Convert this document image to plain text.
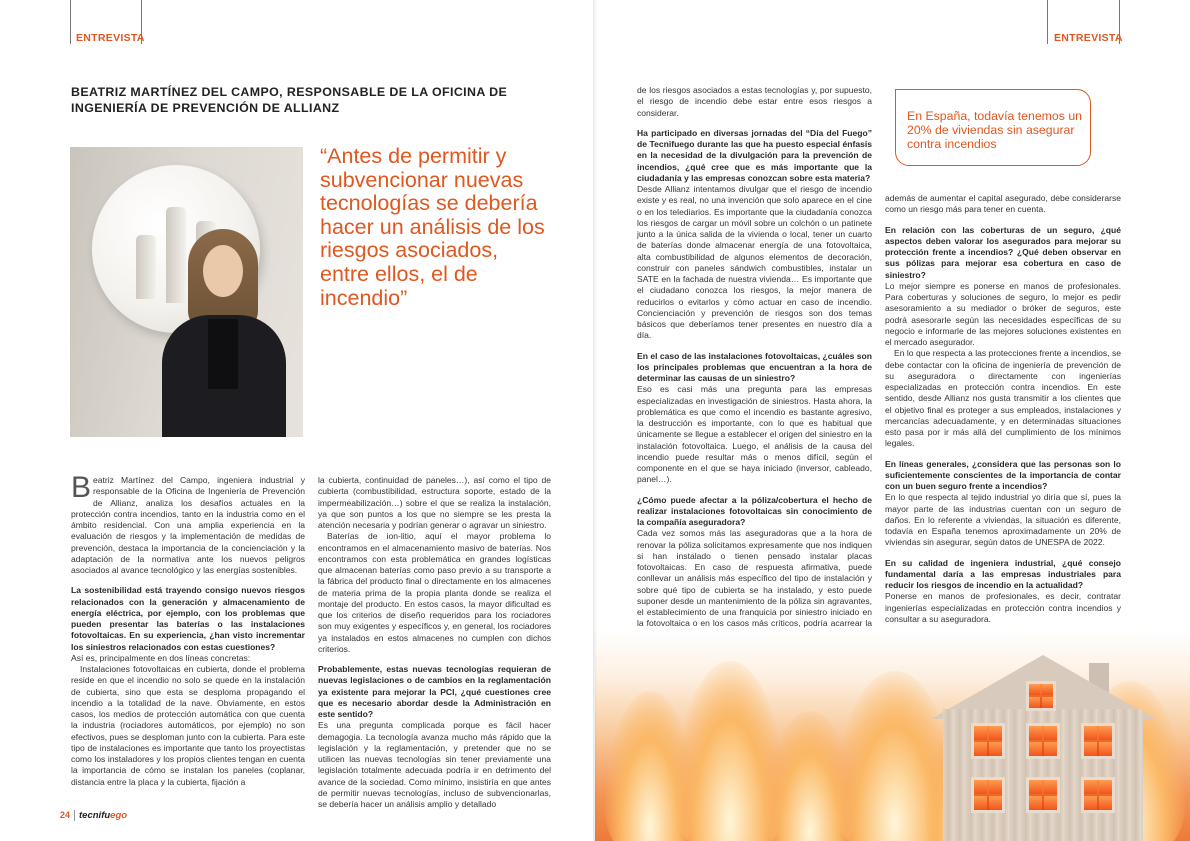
ENTREVISTA
BEATRIZ MARTÍNEZ DEL CAMPO, RESPONSABLE DE LA OFICINA DE INGENIERÍA DE PREVENCIÓN DE ALLIANZ
“Antes de permitir y subvencionar nuevas tecnologías se debería hacer un análisis de los riesgos asociados, entre ellos, el de incendio”

Beatriz Martínez del Campo, ingeniera industrial y responsable de la Oficina de Ingeniería de Prevención de Allianz, analiza los desafíos actuales en la protección contra incendios, tanto en la industria como en el ámbito residencial. Con una amplia experiencia en la evaluación de riesgos y la implementación de medidas de prevención, destaca la importancia de la concienciación y la adaptación de la normativa ante los nuevos peligros asociados al avance tecnológico y las energías sostenibles.

La sostenibilidad está trayendo consigo nuevos riesgos relacionados con la generación y almacenamiento de energía eléctrica, por ejemplo, con los problemas que pueden presentar las baterías o las instalaciones fotovoltaicas. En su experiencia, ¿han visto incrementar los siniestros relacionados con estas cuestiones?

Así es, principalmente en dos líneas concretas:

Instalaciones fotovoltaicas en cubierta, donde el problema reside en que el incendio no solo se quede en la instalación de cubierta, sino que esta se desploma propagando el incendio a la totalidad de la nave. Obviamente, en estos casos, los medios de protección automática con que cuenta la industria (rociadores automáticos, por ejemplo) no son efectivos, pues se desploman junto con la cubierta. Para este tipo de instalaciones es importante que tanto los proyectistas como los instaladores y los propios clientes tengan en cuenta la importancia de cómo se instalan los paneles (coplanar, distancia entre la placa y la cubierta, fijación a

la cubierta, continuidad de paneles…), así como el tipo de cubierta (combustibilidad, estructura soporte, estado de la impermeabilización…) sobre el que se realiza la instalación, ya que son puntos a los que no siempre se les presta la atención necesaria y podrían generar o agravar un siniestro.

Baterías de ion-litio, aquí el mayor problema lo encontramos en el almacenamiento masivo de baterías. Nos encontramos con esta problemática en grandes logísticas que almacenan baterías como paso previo a su transporte a la fábrica del producto final o directamente en los almacenes de materia prima de la propia planta donde se realiza el montaje del producto. En estos casos, la mayor dificultad es que los criterios de diseño requeridos para los rociadores son muy exigentes y específicos y, en general, los rociadores ya instalados en estos almacenes no cumplen con dichos criterios.

Probablemente, estas nuevas tecnologías requieran de nuevas legislaciones o de cambios en la reglamentación ya existente para mejorar la PCI, ¿qué cuestiones cree que es necesario abordar desde la Administración en este sentido?

Es una pregunta complicada porque es fácil hacer demagogia. La tecnología avanza mucho más rápido que la legislación y la reglamentación, y pretender que no se utilicen las nuevas tecnologías sin tener previamente una legislación totalmente adecuada podría ir en detrimento del avance de la sociedad. Como mínimo, insistiría en que antes de permitir nuevas tecnologías, incluso de subvencionarlas, se debería hacer un análisis amplio y detallado

24 tecnifuego
ENTREVISTA

de los riesgos asociados a estas tecnologías y, por supuesto, el riesgo de incendio debe estar entre esos riesgos a considerar.

Ha participado en diversas jornadas del “Día del Fuego” de Tecnifuego durante las que ha puesto especial énfasis en la necesidad de la divulgación para la prevención de incendios, ¿qué cree que es más importante que la ciudadanía y las empresas conozcan sobre esta materia?

Desde Allianz intentamos divulgar que el riesgo de incendio existe y es real, no una invención que solo aparece en el cine o en los telediarios. Es importante que la ciudadanía conozca los riesgos de cargar un móvil sobre un colchón o un patinete junto a la única salida de la vivienda o local, tener un cuarto de baterías donde almacenar energía de una fotovoltaica, alta combustibilidad de algunos elementos de decoración, construir con paneles sándwich combustibles, instalar un SATE en la fachada de nuestra vivienda… Es importante que el ciudadano conozca los riesgos, la mejor manera de reducirlos o evitarlos y cómo actuar en caso de incendio. Concienciación y prevención de riesgos son dos temas básicos que deberíamos tener presentes en nuestro día a día.

En el caso de las instalaciones fotovoltaicas, ¿cuáles son los principales problemas que encuentran a la hora de determinar las causas de un siniestro?

Eso es casi más una pregunta para las empresas especializadas en investigación de siniestros. Hasta ahora, la problemática es que como el incendio es bastante agresivo, la destrucción es importante, con lo que es habitual que únicamente se llegue a establecer el origen del siniestro en la instalación fotovoltaica. Luego, el análisis de la causa del incendio puede resultar más o menos difícil, según el componente en el que se haya iniciado (inversor, cableado, panel…).

¿Cómo puede afectar a la póliza/cobertura el hecho de realizar instalaciones fotovoltaicas sin conocimiento de la compañía aseguradora?

Cada vez somos más las aseguradoras que a la hora de renovar la póliza solicitamos expresamente que nos indiquen si han instalado o tienen pensado instalar placas fotovoltaicas. En caso de respuesta afirmativa, puede conllevar un análisis más específico del tipo de instalación y sobre qué tipo de cubierta se ha instalado, y esto puede suponer desde un mantenimiento de la póliza sin agravantes, el establecimiento de una franquicia por siniestro iniciado en la fotovoltaica o en los casos más críticos, podría acarrear la

En España, todavía tenemos un 20% de viviendas sin asegurar contra incendios

además de aumentar el capital asegurado, debe considerarse como un riesgo más para tener en cuenta.

En relación con las coberturas de un seguro, ¿qué aspectos deben valorar los asegurados para mejorar su protección frente a incendios? ¿Qué deben observar en sus pólizas para mejorar esa cobertura en caso de siniestro?

Lo mejor siempre es ponerse en manos de profesionales. Para coberturas y soluciones de seguro, lo mejor es pedir asesoramiento a su mediador o bróker de seguros, este podrá asesorarle según las necesidades específicas de su negocio e informarle de las mejores soluciones existentes en el mercado asegurador.

En lo que respecta a las protecciones frente a incendios, se debe contactar con la oficina de ingeniería de prevención de su aseguradora o directamente con ingenierías especializadas en protección contra incendios. En este sentido, desde Allianz nos gusta transmitir a los clientes que el objetivo final es proteger a sus empleados, instalaciones y mercancías adecuadamente, y en determinadas situaciones esto pasa por ir más allá del cumplimiento de los mínimos legales.

En líneas generales, ¿considera que las personas son lo suficientemente conscientes de la importancia de contar con un buen seguro frente a incendios?

En lo que respecta al tejido industrial yo diría que sí, pues la mayor parte de las industrias cuentan con un seguro de daños. En lo referente a viviendas, la situación es diferente, todavía en España tenemos aproximadamente un 20% de viviendas sin asegurar, según datos de UNESPA de 2022.

En su calidad de ingeniera industrial, ¿qué consejo fundamental daría a las empresas industriales para reducir los riesgos de incendio en la actualidad?

Ponerse en manos de profesionales, es decir, contratar ingenierías especializadas en protección contra incendios y consultar a su aseguradora.
